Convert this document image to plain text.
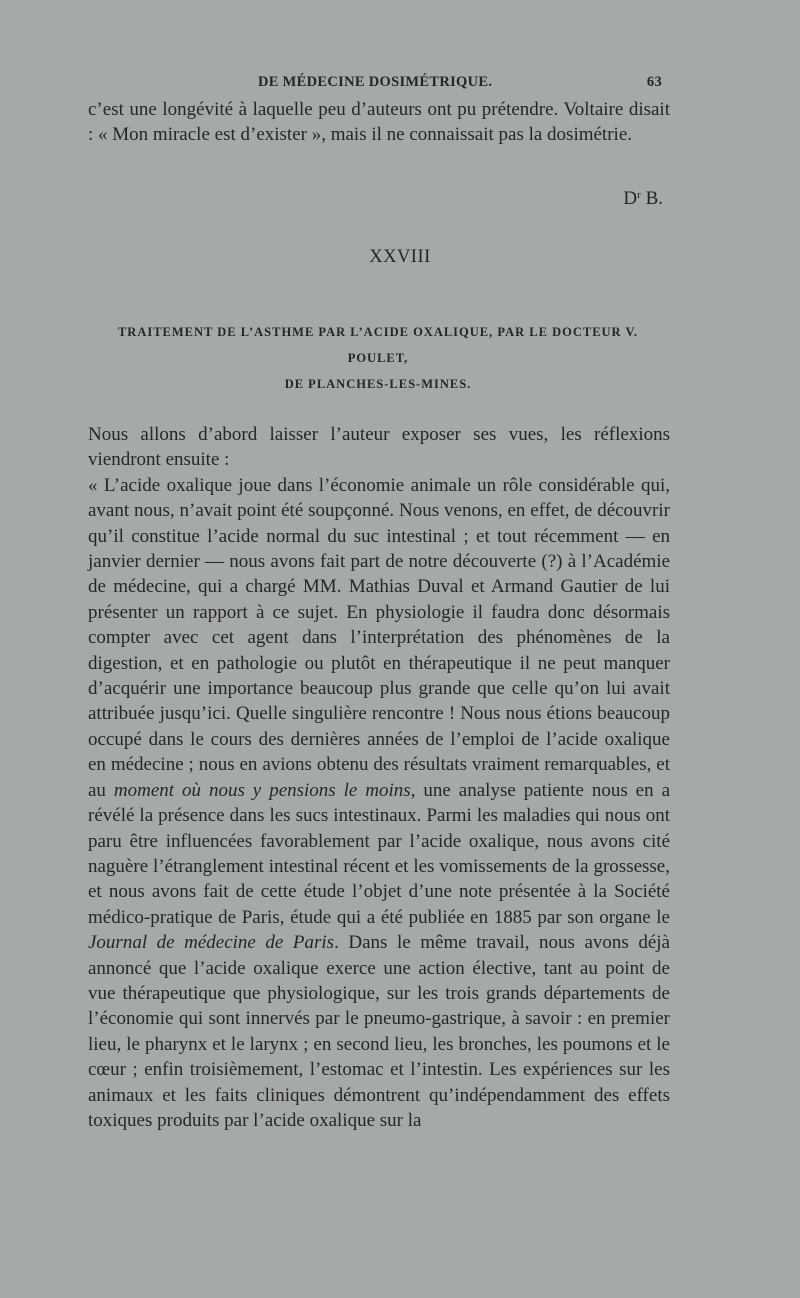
DE MÉDECINE DOSIMÉTRIQUE.	63

c’est une longévité à laquelle peu d’auteurs ont pu prétendre. Voltaire disait : « Mon miracle est d’exister », mais il ne connaissait pas la dosimétrie.

$D^r$ B.
XXVIII
TRAITEMENT DE L’ASTHME PAR L’ACIDE OXALIQUE, PAR LE DOCTEUR V. POULET,
DE PLANCHES-LES-MINES.

Nous allons d’abord laisser l’auteur exposer ses vues, les réflexions viendront ensuite :

« L’acide oxalique joue dans l’économie animale un rôle considérable qui, avant nous, n’avait point été soupçonné. Nous venons, en effet, de découvrir qu’il constitue l’acide normal du suc intestinal ; et tout récemment — en janvier dernier — nous avons fait part de notre découverte (?) à l’Académie de médecine, qui a chargé MM. Mathias Duval et Armand Gautier de lui présenter un rapport à ce sujet. En physiologie il faudra donc désormais compter avec cet agent dans l’interprétation des phénomènes de la digestion, et en pathologie ou plutôt en thérapeutique il ne peut manquer d’acquérir une importance beaucoup plus grande que celle qu’on lui avait attribuée jusqu’ici. Quelle singulière rencontre ! Nous nous étions beaucoup occupé dans le cours des dernières années de l’emploi de l’acide oxalique en médecine ; nous en avions obtenu des résultats vraiment remarquables, et au moment où nous y pensions le moins, une analyse patiente nous en a révélé la présence dans les sucs intestinaux. Parmi les maladies qui nous ont paru être influencées favorablement par l’acide oxalique, nous avons cité naguère l’étranglement intestinal récent et les vomissements de la grossesse, et nous avons fait de cette étude l’objet d’une note présentée à la Société médico-pratique de Paris, étude qui a été publiée en 1885 par son organe le Journal de médecine de Paris. Dans le même travail, nous avons déjà annoncé que l’acide oxalique exerce une action élective, tant au point de vue thérapeutique que physiologique, sur les trois grands départements de l’économie qui sont innervés par le pneumo-gastrique, à savoir : en premier lieu, le pharynx et le larynx ; en second lieu, les bronches, les poumons et le cœur ; enfin troisièmement, l’estomac et l’intestin. Les expériences sur les animaux et les faits cliniques démontrent qu’indépendamment des effets toxiques produits par l’acide oxalique sur la
